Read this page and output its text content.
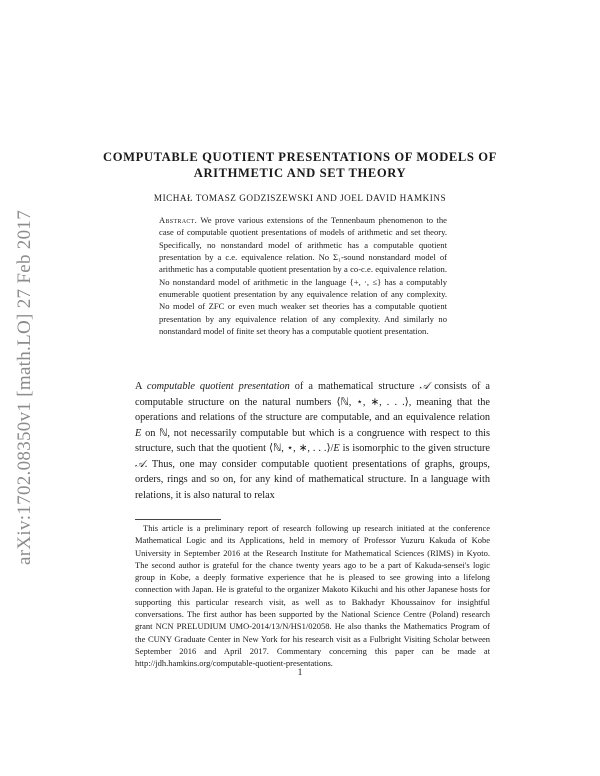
arXiv:1702.08350v1 [math.LO] 27 Feb 2017
COMPUTABLE QUOTIENT PRESENTATIONS OF MODELS OF ARITHMETIC AND SET THEORY
MICHAŁ TOMASZ GODZISZEWSKI AND JOEL DAVID HAMKINS
Abstract. We prove various extensions of the Tennenbaum phenomenon to the case of computable quotient presentations of models of arithmetic and set theory. Specifically, no nonstandard model of arithmetic has a computable quotient presentation by a c.e. equivalence relation. No Σ₁-sound nonstandard model of arithmetic has a computable quotient presentation by a co-c.e. equivalence relation. No nonstandard model of arithmetic in the language {+, ·, ≤} has a computably enumerable quotient presentation by any equivalence relation of any complexity. No model of ZFC or even much weaker set theories has a computable quotient presentation by any equivalence relation of any complexity. And similarly no nonstandard model of finite set theory has a computable quotient presentation.
A computable quotient presentation of a mathematical structure 𝒜 consists of a computable structure on the natural numbers ⟨ℕ, ⋆, ∗, . . .⟩, meaning that the operations and relations of the structure are computable, and an equivalence relation E on ℕ, not necessarily computable but which is a congruence with respect to this structure, such that the quotient ⟨ℕ, ⋆, ∗, . . .⟩/E is isomorphic to the given structure 𝒜. Thus, one may consider computable quotient presentations of graphs, groups, orders, rings and so on, for any kind of mathematical structure. In a language with relations, it is also natural to relax
This article is a preliminary report of research following up research initiated at the conference Mathematical Logic and its Applications, held in memory of Professor Yuzuru Kakuda of Kobe University in September 2016 at the Research Institute for Mathematical Sciences (RIMS) in Kyoto. The second author is grateful for the chance twenty years ago to be a part of Kakuda-sensei's logic group in Kobe, a deeply formative experience that he is pleased to see growing into a lifelong connection with Japan. He is grateful to the organizer Makoto Kikuchi and his other Japanese hosts for supporting this particular research visit, as well as to Bakhadyr Khoussainov for insightful conversations. The first author has been supported by the National Science Centre (Poland) research grant NCN PRELUDIUM UMO-2014/13/N/HS1/02058. He also thanks the Mathematics Program of the CUNY Graduate Center in New York for his research visit as a Fulbright Visiting Scholar between September 2016 and April 2017. Commentary concerning this paper can be made at http://jdh.hamkins.org/computable-quotient-presentations.
1
